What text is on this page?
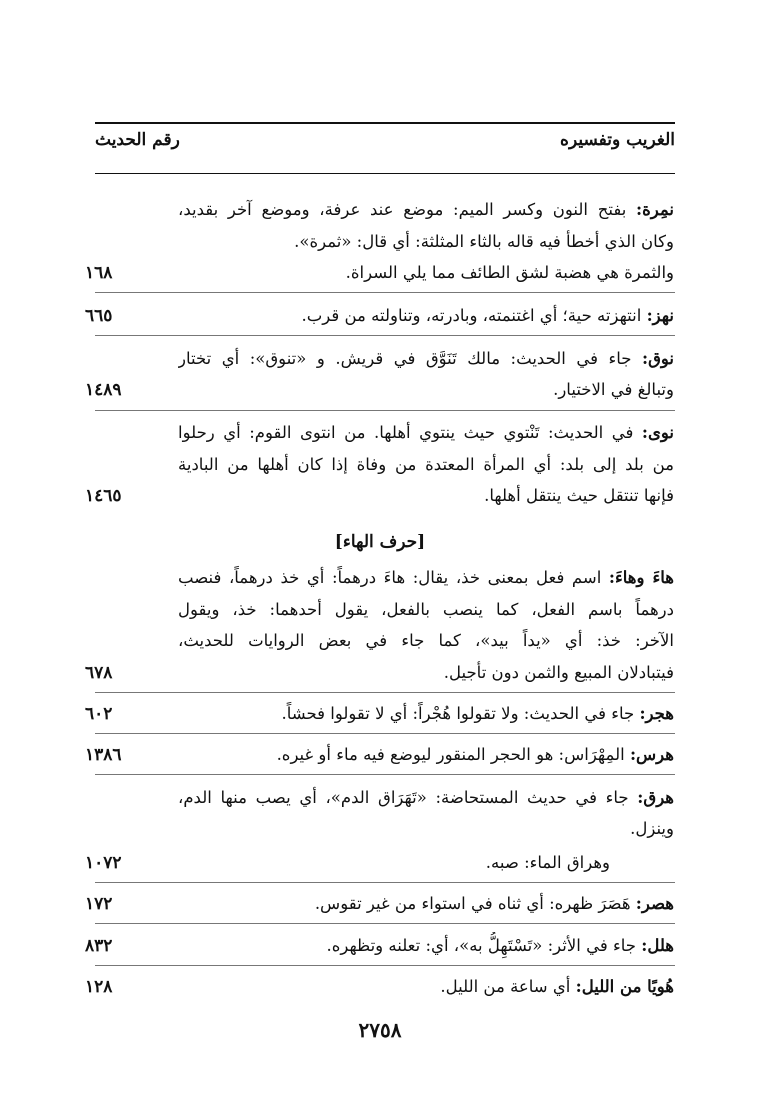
الغريب وتفسيره
رقم الحديث
نمِرة: بفتح النون وكسر الميم: موضع عند عرفة، وموضع آخر بقديد،
وكان الذي أخطأ فيه قاله بالثاء المثلثة: أي قال: «ثمرة».
والثمرة هي هضبة لشق الطائف مما يلي السراة.
١٦٨
نهز: انتهزته حية؛ أي اغتنمته، وبادرته، وتناولته من قرب.
٦٦٥
نوق: جاء في الحديث: مالك تَنَوَّق في قريش. و «تنوق»: أي تختار
وتبالغ في الاختيار.
١٤٨٩
نوى: في الحديث: تَنْتوي حيث ينتوي أهلها. من انتوى القوم: أي رحلوا
من بلد إلى بلد: أي المرأة المعتدة من وفاة إذا كان أهلها من البادية
فإنها تنتقل حيث ينتقل أهلها.
١٤٦٥
[حرف الهاء]
هاءَ وهاءَ: اسم فعل بمعنى خذ، يقال: هاءَ درهماً: أي خذ درهماً، فنصب
درهماً باسم الفعل، كما ينصب بالفعل، يقول أحدهما: خذ، ويقول
الآخر: خذ: أي «يداً بيد»، كما جاء في بعض الروايات للحديث،
فيتبادلان المبيع والثمن دون تأجيل.
٦٧٨
هجر: جاء في الحديث: ولا تقولوا هُجْراً: أي لا تقولوا فحشاً.
٦٠٢
هرس: المِهْرَاس: هو الحجر المنقور ليوضع فيه ماء أو غيره.
١٣٨٦
هرق: جاء في حديث المستحاضة: «تَهَرَاق الدم»، أي يصب منها الدم،
وينزل.
وهراق الماء: صبه.
١٠٧٢
هصر: هَصَرَ ظهره: أي ثناه في استواء من غير تقوس.
١٧٢
هلل: جاء في الأثر: «تَسْتَهِلُّ به»، أي: تعلنه وتظهره.
٨٣٢
هُويًا من الليل: أي ساعة من الليل.
١٢٨
٢٧٥٨
